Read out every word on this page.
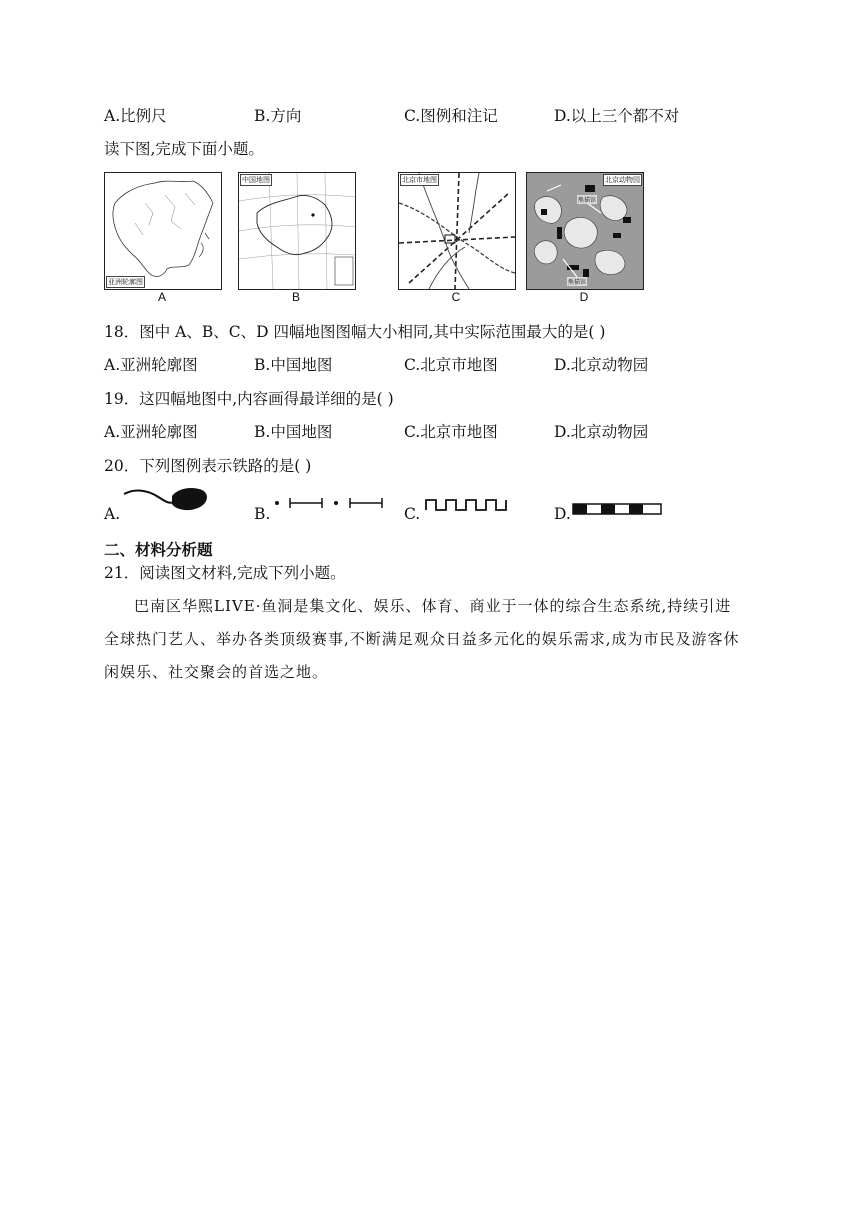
A.比例尺	B.方向	C.图例和注记	D.以上三个都不对
读下图,完成下面小题。
亚洲轮廓图
A
中国地图
B
北京市地图
C
北京动物园
熊猫馆
熊猫馆
D
18．图中 A、B、C、D 四幅地图图幅大小相同,其中实际范围最大的是( )
A.亚洲轮廓图	B.中国地图	C.北京市地图	D.北京动物园
19．这四幅地图中,内容画得最详细的是( )
A.亚洲轮廓图	B.中国地图	C.北京市地图	D.北京动物园
20．下列图例表示铁路的是( )
A.	B.	C.	D.
二、材料分析题
21．阅读图文材料,完成下列小题。
巴南区华熙LIVE·鱼洞是集文化、娱乐、体育、商业于一体的综合生态系统,持续引进全球热门艺人、举办各类顶级赛事,不断满足观众日益多元化的娱乐需求,成为市民及游客休闲娱乐、社交聚会的首选之地。
